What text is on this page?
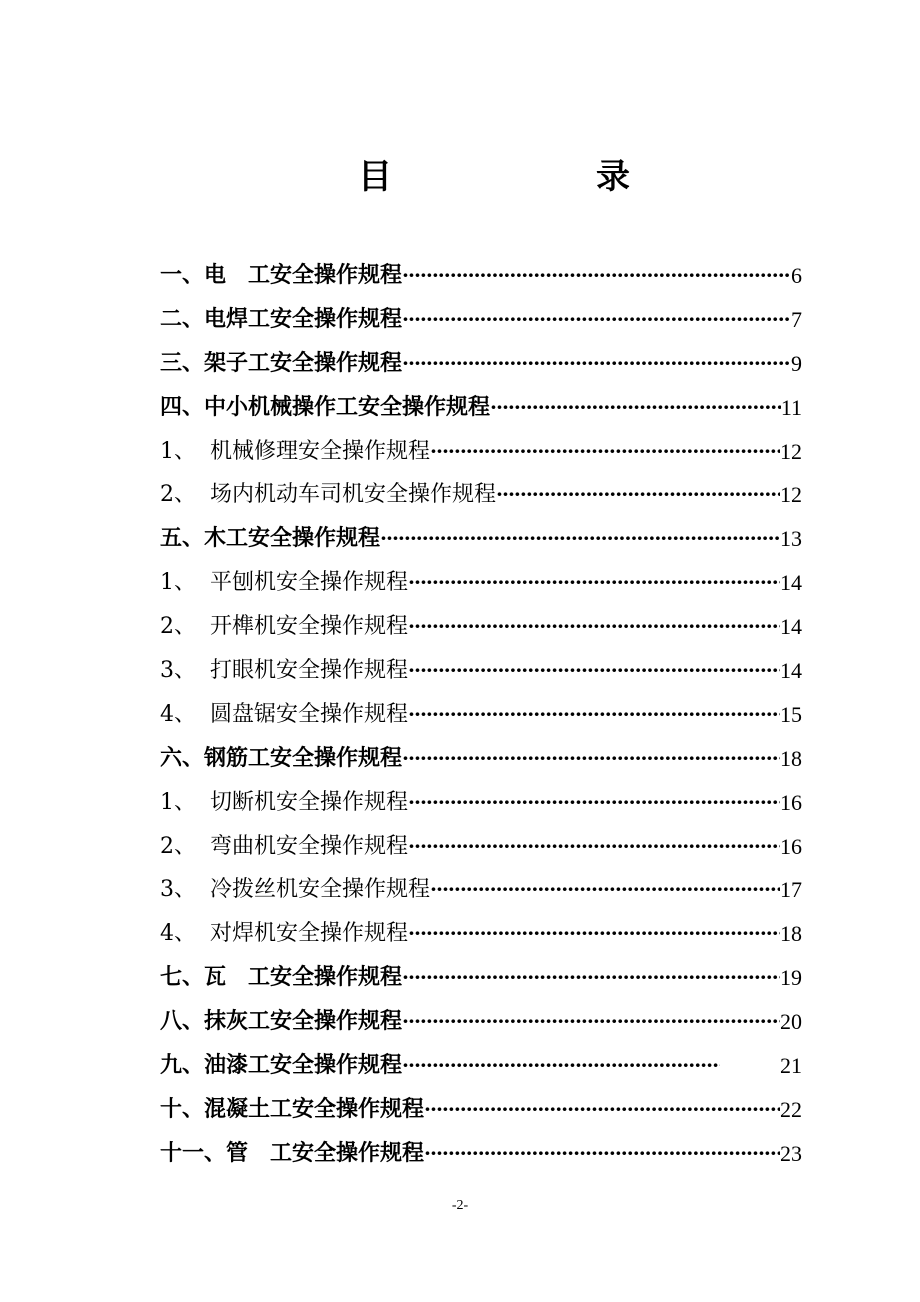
目	录
一、 电　工安全操作规程 ·····	6
二、 电焊工安全操作规程 ·····	7
三、 架子工安全操作规程 ·····	9
四、 中小机械操作工安全操作规程 ·····	11
1、 机械修理安全操作规程 ·····	12
2、 场内机动车司机安全操作规程 ·····	12
五、 木工安全操作规程 ·····	13
1、 平刨机安全操作规程 ·····	14
2、 开榫机安全操作规程 ·····	14
3、 打眼机安全操作规程 ·····	14
4、 圆盘锯安全操作规程 ·····	15
六、 钢筋工安全操作规程 ·····	18
1、 切断机安全操作规程 ·····	16
2、 弯曲机安全操作规程 ·····	16
3、 冷拨丝机安全操作规程 ·····	17
4、 对焊机安全操作规程 ·····	18
七、 瓦　工安全操作规程 ·····	19
八、 抹灰工安全操作规程 ·····	20
九、 油漆工安全操作规程 ·····	21
十、 混凝土工安全操作规程 ·····	22
十一、 管　工安全操作规程 ·····	23
-2-
